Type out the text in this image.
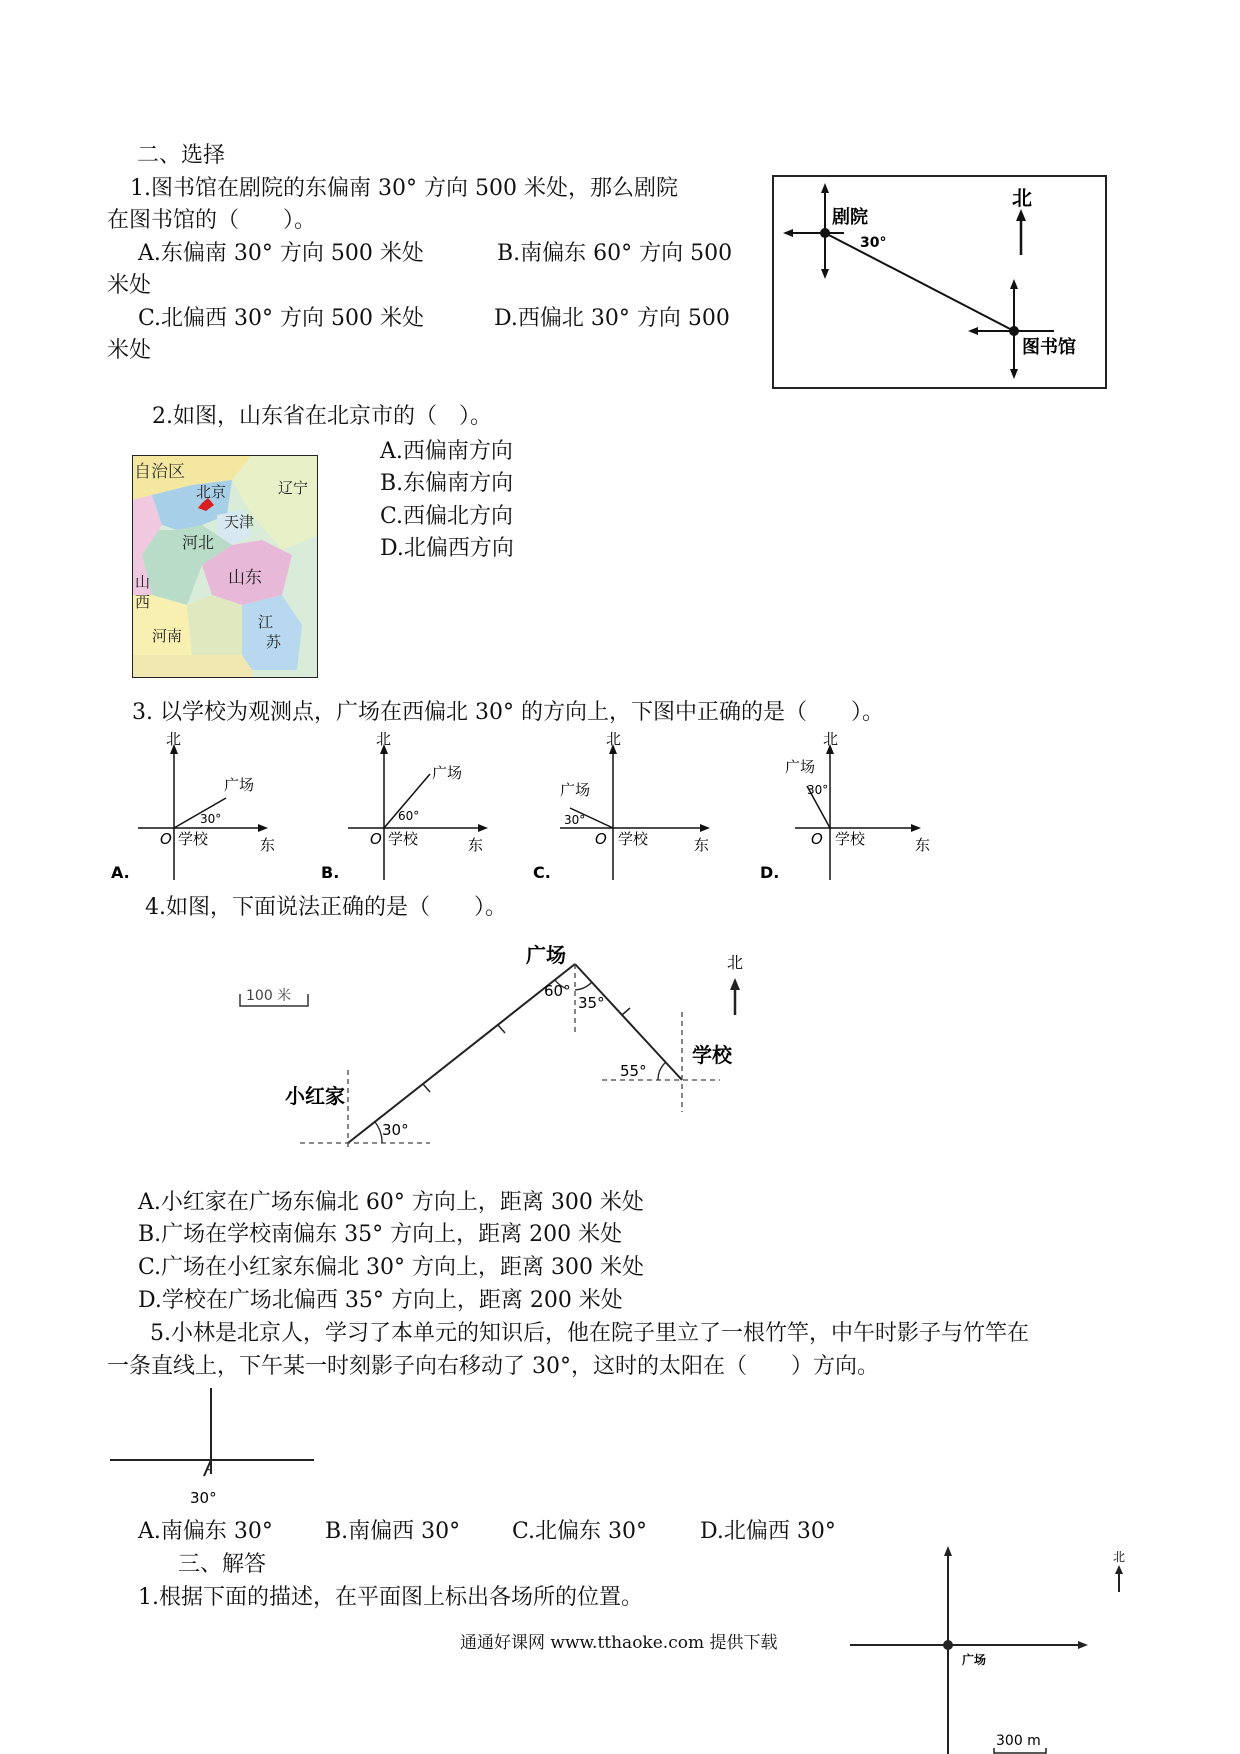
二、选择
1.图书馆在剧院的东偏南 30° 方向 500 米处，那么剧院
在图书馆的（　　）。
A.东偏南 30° 方向 500 米处	B.南偏东 60° 方向 500
米处
C.北偏西 30° 方向 500 米处	D.西偏北 30° 方向 500
米处
北
剧院
30°
图书馆
2.如图，山东省在北京市的（　）。
A.西偏南方向
B.东偏南方向
C.西偏北方向
D.北偏西方向
自治区
北京
天津
河北
辽宁
山
西
山东
河南
江
苏
3. 以学校为观测点，广场在西偏北 30° 的方向上，下图中正确的是（　　）。
北
广场
30°
O 学校	东
A.
北
广场
60°
O 学校	东
B.
北
广场
30°
O 学校	东
C.
北
广场
30°
O 学校	东
D.
4.如图，下面说法正确的是（　　）。
100 米
北
广场
60°
35°
55°
学校
小红家
30°
A.小红家在广场东偏北 60° 方向上，距离 300 米处
B.广场在学校南偏东 35° 方向上，距离 200 米处
C.广场在小红家东偏北 30° 方向上，距离 300 米处
D.学校在广场北偏西 35° 方向上，距离 200 米处
5.小林是北京人，学习了本单元的知识后，他在院子里立了一根竹竿，中午时影子与竹竿在
一条直线上，下午某一时刻影子向右移动了 30°，这时的太阳在（　　）方向。
30°
A.南偏东 30° B.南偏西 30° C.北偏东 30° D.北偏西 30°
三、解答
1.根据下面的描述，在平面图上标出各场所的位置。
广场
北
300 m
通通好课网 www.tthaoke.com 提供下载
